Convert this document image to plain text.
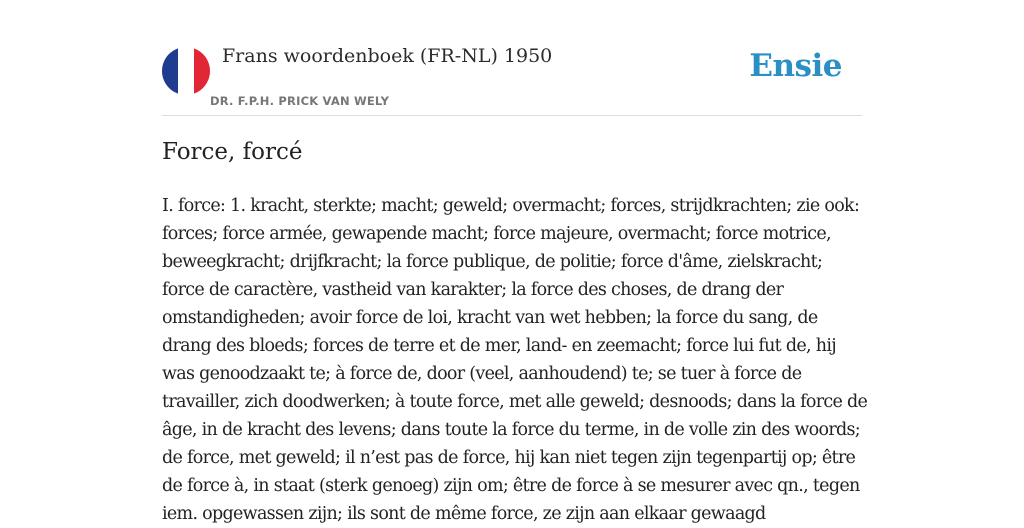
Frans woordenboek (FR-NL) 1950
DR. F.P.H. PRICK VAN WELY
Ensie
Force, forcé

I. force: 1. kracht, sterkte; macht; geweld; overmacht; forces, strijdkrachten; zie ook: forces; force armée, gewapende macht; force majeure, overmacht; force motrice, beweegkracht; drijfkracht; la force publique, de politie; force d'âme, zielskracht; force de caractère, vastheid van karakter; la force des choses, de drang der omstandigheden; avoir force de loi, kracht van wet hebben; la force du sang, de drang des bloeds; forces de terre et de mer, land- en zeemacht; force lui fut de, hij was genoodzaakt te; à force de, door (veel, aanhoudend) te; se tuer à force de travailler, zich doodwerken; à toute force, met alle geweld; desnoods; dans la force de âge, in de kracht des levens; dans toute la force du terme, in de volle zin des woords; de force, met geweld; il n’est pas de force, hij kan niet tegen zijn tegenpartij op; être de force à, in staat (sterk genoeg) zijn om; être de force à se mesurer avec qn., tegen iem. opgewassen zijn; ils sont de même force, ze zijn aan elkaar gewaagd
